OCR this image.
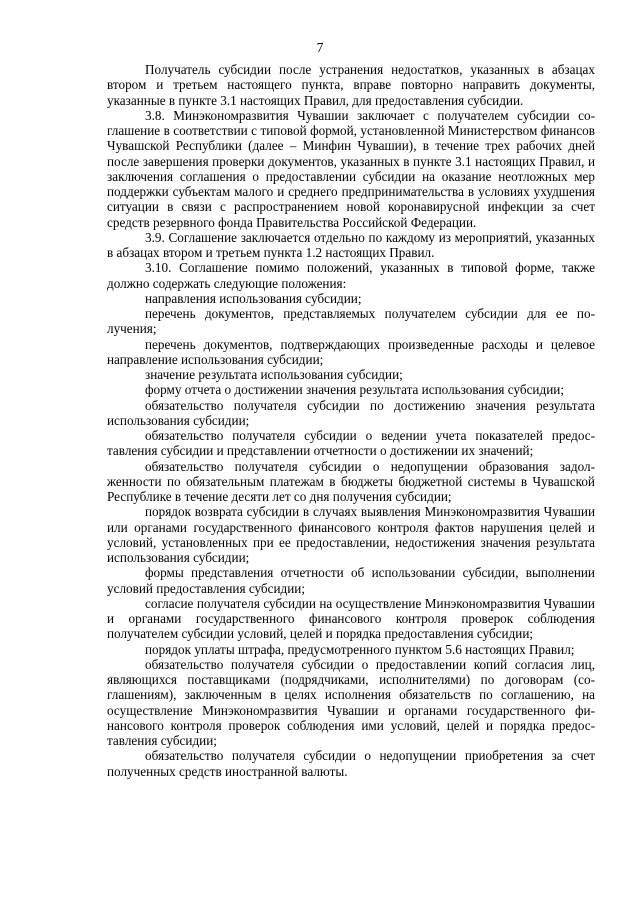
7

Получатель субсидии после устранения недостатков, указанных в абзацах втором и третьем настоящего пункта, вправе повторно направить документы, указанные в пункте 3.1 настоящих Правил, для предоставления субсидии.

3.8. Минэкономразвития Чувашии заключает с получателем субсидии соглашение в соответствии с типовой формой, установленной Министерством финансов Чувашской Республики (далее – Минфин Чувашии), в течение трех рабочих дней после завершения проверки документов, указанных в пункте 3.1 настоящих Правил, и заключения соглашения о предоставлении субсидии на оказание неотложных мер поддержки субъектам малого и среднего предпринимательства в условиях ухудшения ситуации в связи с распространением новой коронавирусной инфекции за счет средств резервного фонда Правительства Российской Федерации.

3.9. Соглашение заключается отдельно по каждому из мероприятий, указанных в абзацах втором и третьем пункта 1.2 настоящих Правил.

3.10. Соглашение помимо положений, указанных в типовой форме, также должно содержать следующие положения:

направления использования субсидии;

перечень документов, представляемых получателем субсидии для ее получения;

перечень документов, подтверждающих произведенные расходы и целевое направление использования субсидии;

значение результата использования субсидии;

форму отчета о достижении значения результата использования субсидии;

обязательство получателя субсидии по достижению значения результата использования субсидии;

обязательство получателя субсидии о ведении учета показателей предоставления субсидии и представлении отчетности о достижении их значений;

обязательство получателя субсидии о недопущении образования задолженности по обязательным платежам в бюджеты бюджетной системы в Чувашской Республике в течение десяти лет со дня получения субсидии;

порядок возврата субсидии в случаях выявления Минэкономразвития Чувашии или органами государственного финансового контроля фактов нарушения целей и условий, установленных при ее предоставлении, недостижения значения результата использования субсидии;

формы представления отчетности об использовании субсидии, выполнении условий предоставления субсидии;

согласие получателя субсидии на осуществление Минэкономразвития Чувашии и органами государственного финансового контроля проверок соблюдения получателем субсидии условий, целей и порядка предоставления субсидии;

порядок уплаты штрафа, предусмотренного пунктом 5.6 настоящих Правил;

обязательство получателя субсидии о предоставлении копий согласия лиц, являющихся поставщиками (подрядчиками, исполнителями) по договорам (соглашениям), заключенным в целях исполнения обязательств по соглашению, на осуществление Минэкономразвития Чувашии и органами государственного финансового контроля проверок соблюдения ими условий, целей и порядка предоставления субсидии;

обязательство получателя субсидии о недопущении приобретения за счет полученных средств иностранной валюты.
